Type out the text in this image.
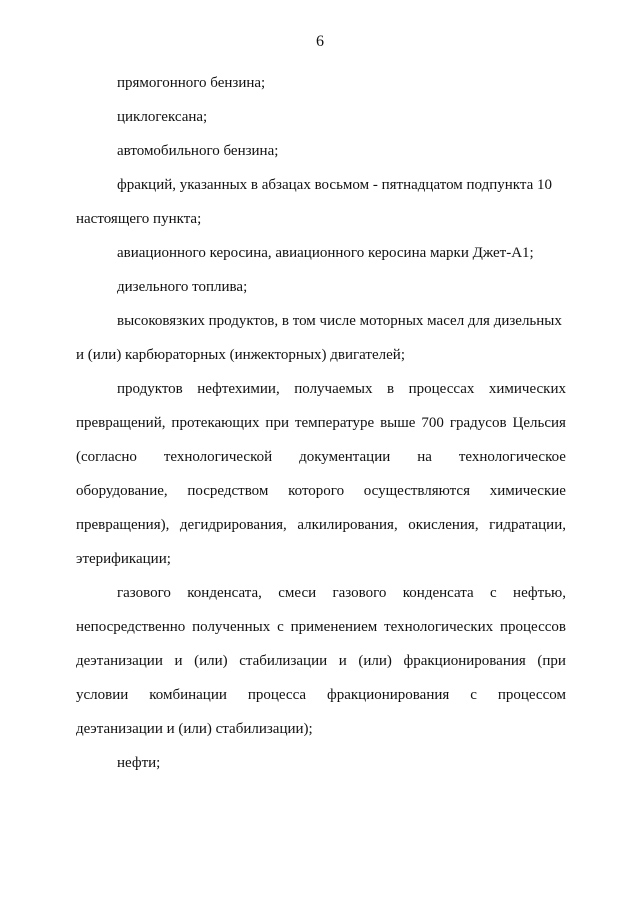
6
прямогонного бензина;
циклогексана;
автомобильного бензина;
фракций, указанных в абзацах восьмом - пятнадцатом подпункта 10
настоящего пункта;
авиационного керосина, авиационного керосина марки Джет-А1;
дизельного топлива;
высоковязких продуктов, в том числе моторных масел для дизельных
и (или) карбюраторных (инжекторных) двигателей;
продуктов нефтехимии, получаемых в процессах химических
превращений, протекающих при температуре выше 700 градусов Цельсия
(согласно технологической документации на технологическое
оборудование, посредством которого осуществляются химические
превращения), дегидрирования, алкилирования, окисления, гидратации,
этерификации;
газового конденсата, смеси газового конденсата с нефтью,
непосредственно полученных с применением технологических процессов
деэтанизации и (или) стабилизации и (или) фракционирования (при
условии комбинации процесса фракционирования с процессом
деэтанизации и (или) стабилизации);
нефти;
